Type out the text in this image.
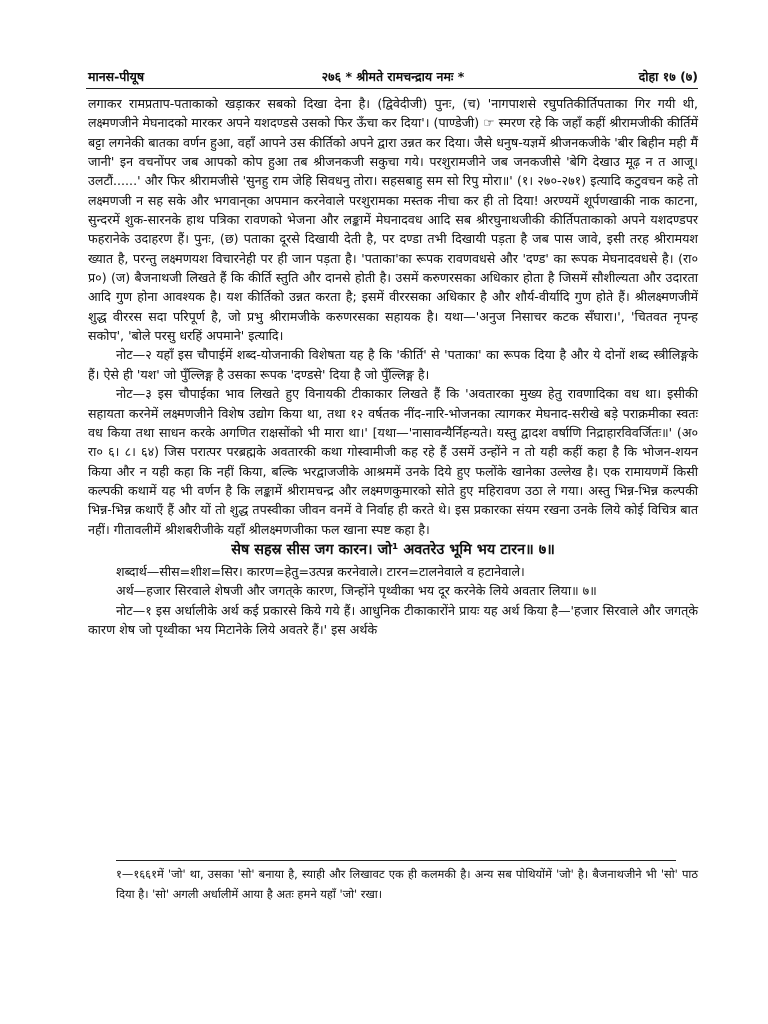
मानस-पीयूष	२७६ * श्रीमते रामचन्द्राय नमः *	दोहा १७ (७)

लगाकर रामप्रताप-पताकाको खड़ाकर सबको दिखा देना है। (द्विवेदीजी) पुनः, (च) 'नागपाशसे रघुपतिकीर्तिपताका गिर गयी थी, लक्ष्मणजीने मेघनादको मारकर अपने यशदण्डसे उसको फिर ऊँचा कर दिया'। (पाण्डेजी) ☞ स्मरण रहे कि जहाँ कहीं श्रीरामजीकी कीर्तिमें बट्टा लगनेकी बातका वर्णन हुआ, वहाँ आपने उस कीर्तिको अपने द्वारा उन्नत कर दिया। जैसे धनुष-यज्ञमें श्रीजनकजीके 'बीर बिहीन मही मैं जानी' इन वचनोंपर जब आपको कोप हुआ तब श्रीजनकजी सकुचा गये। परशुरामजीने जब जनकजीसे 'बेगि देखाउ मूढ़ न त आजू। उलटौं......' और फिर श्रीरामजीसे 'सुनहु राम जेहि सिवधनु तोरा। सहसबाहु सम सो रिपु मोरा॥' (१। २७०-२७१) इत्यादि कटुवचन कहे तो लक्ष्मणजी न सह सके और भगवान्‌का अपमान करनेवाले परशुरामका मस्तक नीचा कर ही तो दिया! अरण्यमें शूर्पणखाकी नाक काटना, सुन्दरमें शुक-सारनके हाथ पत्रिका रावणको भेजना और लङ्कामें मेघनादवध आदि सब श्रीरघुनाथजीकी कीर्तिपताकाको अपने यशदण्डपर फहरानेके उदाहरण हैं। पुनः, (छ) पताका दूरसे दिखायी देती है, पर दण्डा तभी दिखायी पड़ता है जब पास जावे, इसी तरह श्रीरामयश ख्यात है, परन्तु लक्ष्मणयश विचारनेही पर ही जान पड़ता है। 'पताका'का रूपक रावणवधसे और 'दण्ड' का रूपक मेघनादवधसे है। (रा० प्र०) (ज) बैजनाथजी लिखते हैं कि कीर्ति स्तुति और दानसे होती है। उसमें करुणरसका अधिकार होता है जिसमें सौशील्यता और उदारता आदि गुण होना आवश्यक है। यश कीर्तिको उन्नत करता है; इसमें वीररसका अधिकार है और शौर्य-वीर्यादि गुण होते हैं। श्रीलक्ष्मणजीमें शुद्ध वीररस सदा परिपूर्ण है, जो प्रभु श्रीरामजीके करुणरसका सहायक है। यथा—'अनुज निसाचर कटक सँघारा।', 'चितवत नृपन्ह सकोप', 'बोले परसु धरहिं अपमाने' इत्यादि।

नोट—२ यहाँ इस चौपाईमें शब्द-योजनाकी विशेषता यह है कि 'कीर्ति' से 'पताका' का रूपक दिया है और ये दोनों शब्द स्त्रीलिङ्गके हैं। ऐसे ही 'यश' जो पुँल्लिङ्ग है उसका रूपक 'दण्डसे' दिया है जो पुँल्लिङ्ग है।

नोट—३ इस चौपाईका भाव लिखते हुए विनायकी टीकाकार लिखते हैं कि 'अवतारका मुख्य हेतु रावणादिका वध था। इसीकी सहायता करनेमें लक्ष्मणजीने विशेष उद्योग किया था, तथा १२ वर्षतक नींद-नारि-भोजनका त्यागकर मेघनाद-सरीखे बड़े पराक्रमीका स्वतः वध किया तथा साधन करके अगणित राक्षसोंको भी मारा था।' [यथा—'नासावन्यैर्निहन्यते। यस्तु द्वादश वर्षाणि निद्राहारविवर्जितः॥' (अ० रा० ६। ८। ६४) जिस परात्पर परब्रह्मके अवतारकी कथा गोस्वामीजी कह रहे हैं उसमें उन्होंने न तो यही कहीं कहा है कि भोजन-शयन किया और न यही कहा कि नहीं किया, बल्कि भरद्वाजजीके आश्रममें उनके दिये हुए फलोंके खानेका उल्लेख है। एक रामायणमें किसी कल्पकी कथामें यह भी वर्णन है कि लङ्कामें श्रीरामचन्द्र और लक्ष्मणकुमारको सोते हुए महिरावण उठा ले गया। अस्तु भिन्न-भिन्न कल्पकी भिन्न-भिन्न कथाएँ हैं और यों तो शुद्ध तपस्वीका जीवन वनमें वे निर्वाह ही करते थे। इस प्रकारका संयम रखना उनके लिये कोई विचित्र बात नहीं। गीतावलीमें श्रीशबरीजीके यहाँ श्रीलक्ष्मणजीका फल खाना स्पष्ट कहा है।

सेष सहस्र सीस जग कारन। जो¹ अवतरेउ भूमि भय टारन॥ ७॥

शब्दार्थ—सीस=शीश=सिर। कारण=हेतु=उत्पन्न करनेवाले। टारन=टालनेवाले व हटानेवाले।

अर्थ—हजार सिरवाले शेषजी और जगत्‌के कारण, जिन्होंने पृथ्वीका भय दूर करनेके लिये अवतार लिया॥ ७॥

नोट—१ इस अर्धालीके अर्थ कई प्रकारसे किये गये हैं। आधुनिक टीकाकारोंने प्रायः यह अर्थ किया है—'हजार सिरवाले और जगत्‌के कारण शेष जो पृथ्वीका भय मिटानेके लिये अवतरे हैं।' इस अर्थके

१—१६६१में 'जो' था, उसका 'सो' बनाया है, स्याही और लिखावट एक ही कलमकी है। अन्य सब पोथियोंमें 'जो' है। बैजनाथजीने भी 'सो' पाठ दिया है। 'सो' अगली अर्धालीमें आया है अतः हमने यहाँ 'जो' रखा।
